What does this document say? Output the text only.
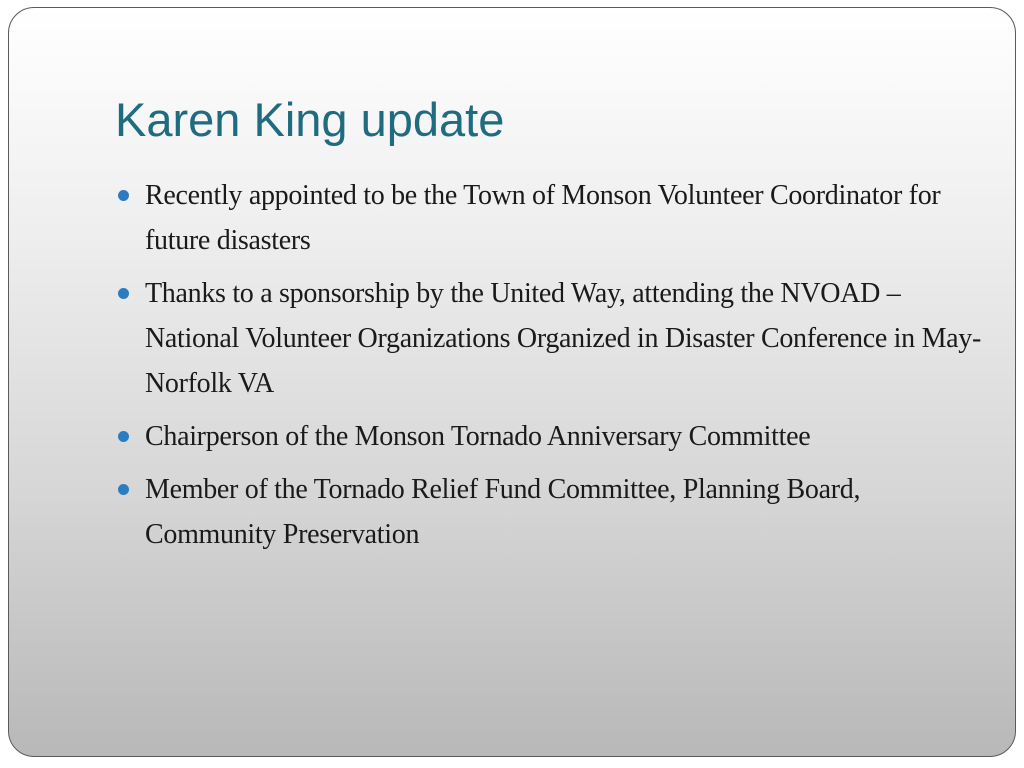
Karen King update
Recently appointed to be the Town of Monson Volunteer Coordinator for future disasters
Thanks to a sponsorship by the United Way, attending the NVOAD –National Volunteer Organizations Organized in Disaster Conference in May-Norfolk VA
Chairperson of the Monson Tornado Anniversary Committee
Member of the Tornado Relief Fund Committee, Planning Board, Community Preservation
